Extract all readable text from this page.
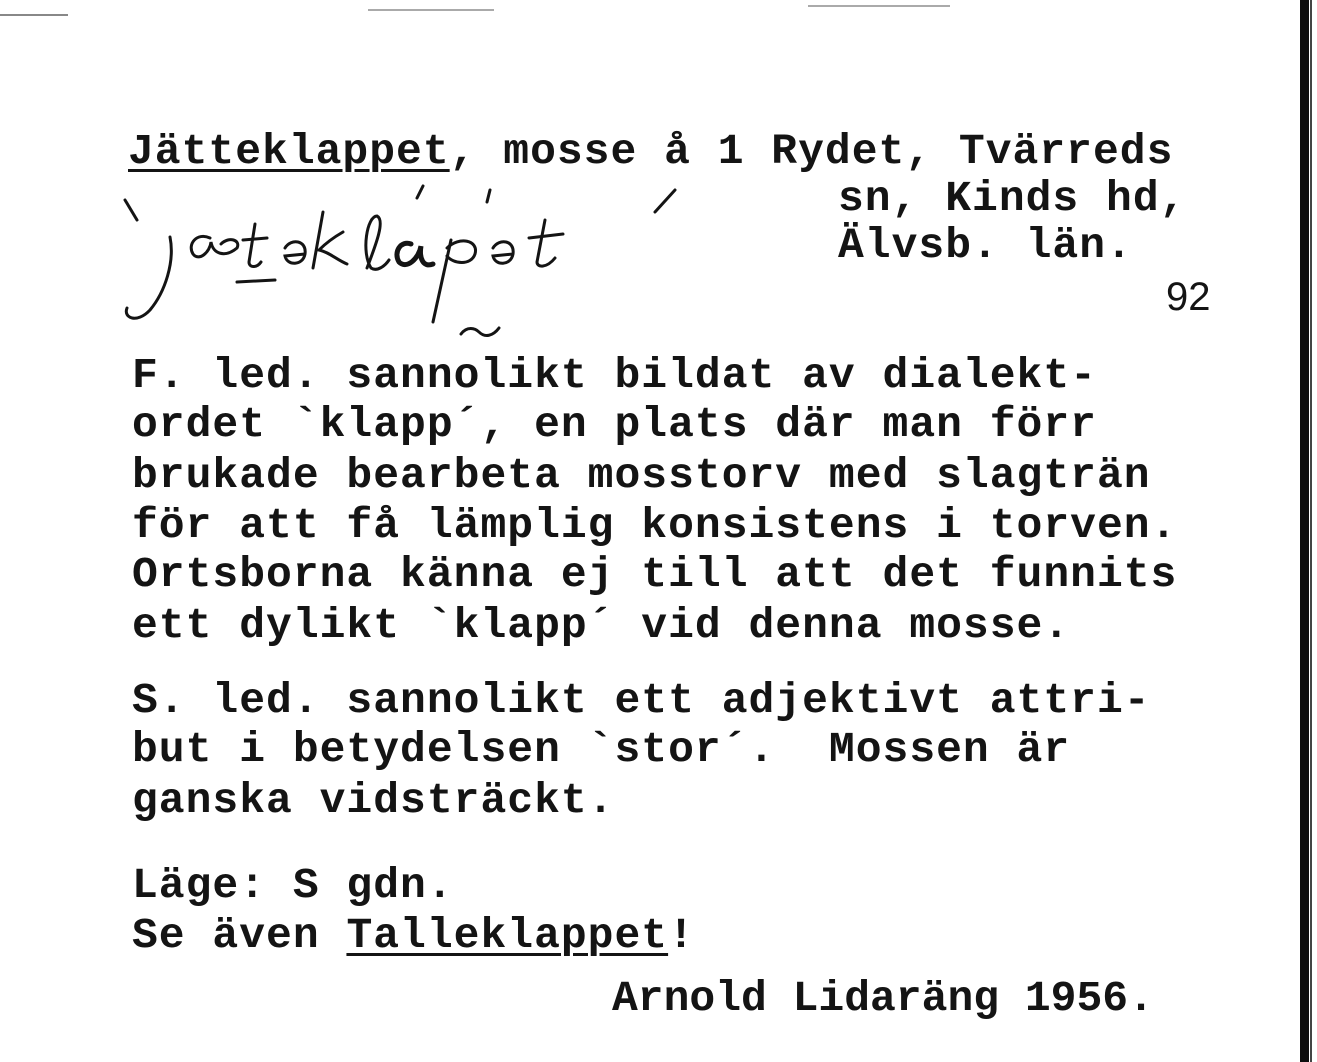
Jätteklappet, mosse å 1 Rydet, Tvärreds
sn, Kinds hd,
Älvsb. län.
92
F. led. sannolikt bildat av dialekt-
ordet `klapp´, en plats där man förr
brukade bearbeta mosstorv med slagträn
för att få lämplig konsistens i torven.
Ortsborna känna ej till att det funnits
ett dylikt `klapp´ vid denna mosse.
S. led. sannolikt ett adjektivt attri-
but i betydelsen `stor´.  Mossen är
ganska vidsträckt.
Läge: S gdn.
Se även Talleklappet!
Arnold Lidaräng 1956.
